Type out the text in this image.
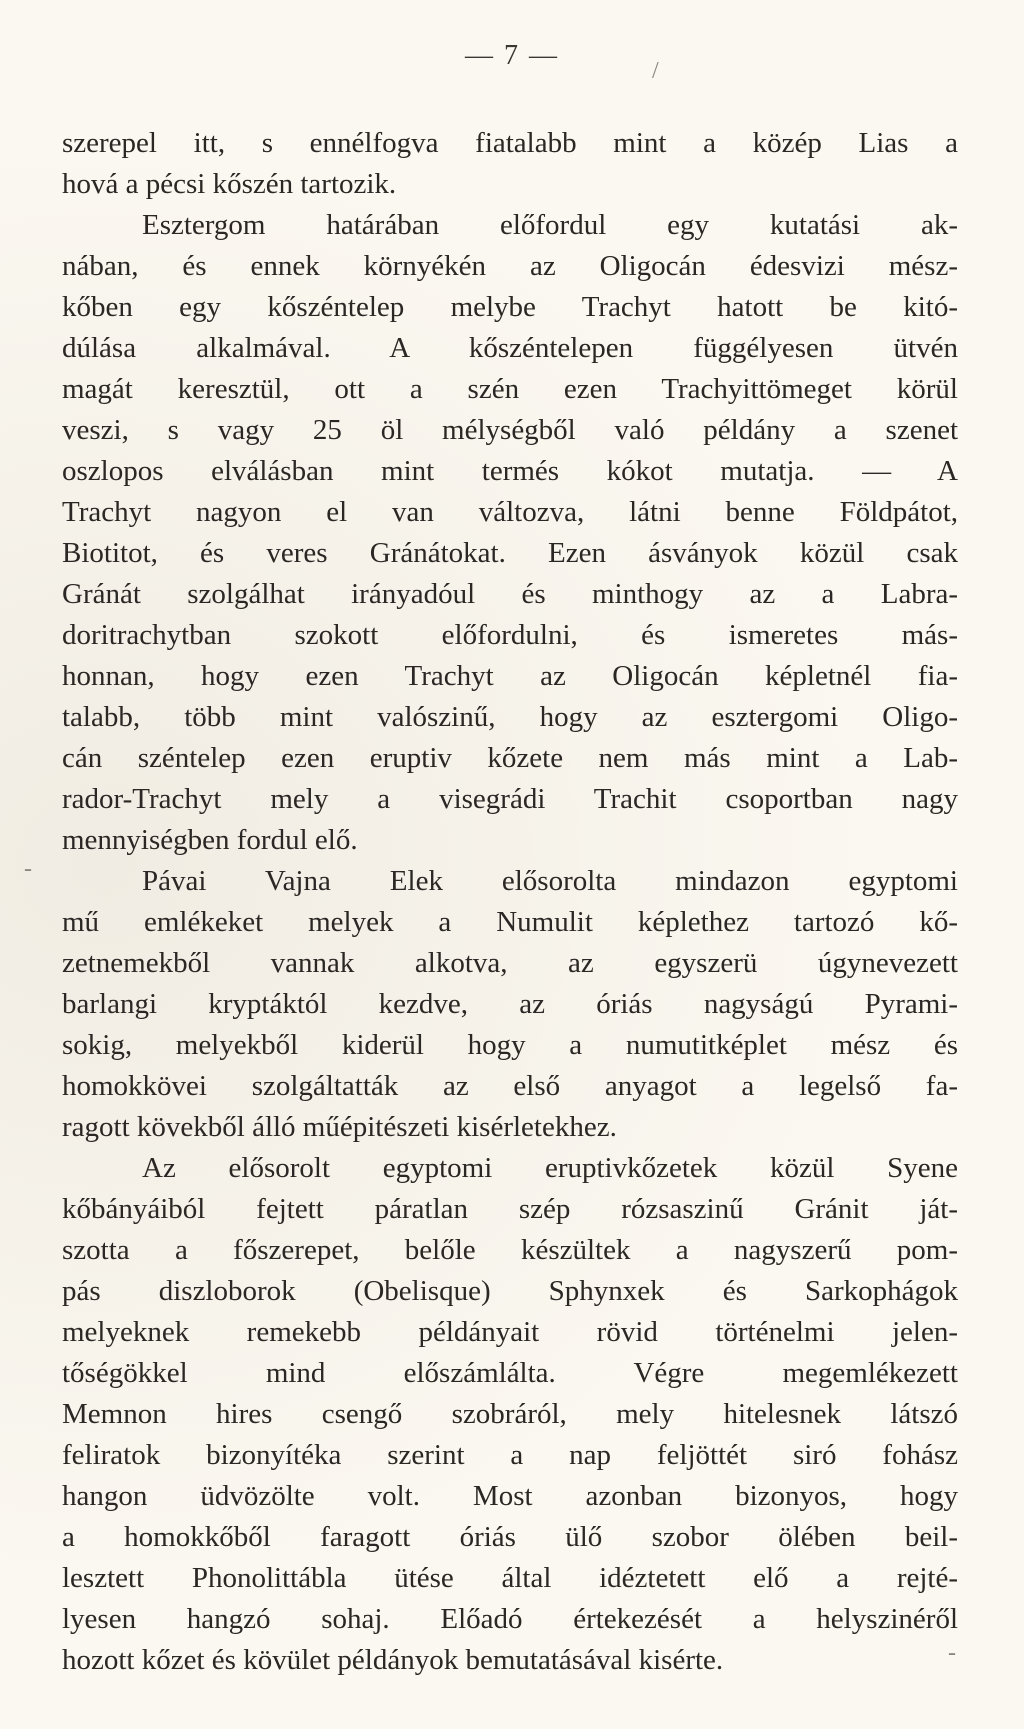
— 7 —	/
-
-
szerepel itt, s ennélfogva fiatalabb mint a közép Lias a
hová a pécsi kőszén tartozik.
Esztergom határában előfordul egy kutatási ak-
nában, és ennek környékén az Oligocán édesvizi mész-
kőben egy kőszéntelep melybe Trachyt hatott be kitó-
dúlása alkalmával. A kőszéntelepen függélyesen ütvén
magát keresztül, ott a szén ezen Trachyittömeget körül
veszi, s vagy 25 öl mélységből való példány a szenet
oszlopos elválásban mint termés kókot mutatja. — A
Trachyt nagyon el van változva, látni benne Földpátot,
Biotitot, és veres Gránátokat. Ezen ásványok közül csak
Gránát szolgálhat irányadóul és minthogy az a Labra-
doritrachytban szokott előfordulni, és ismeretes más-
honnan, hogy ezen Trachyt az Oligocán képletnél fia-
talabb, több mint valószinű, hogy az esztergomi Oligo-
cán széntelep ezen eruptiv kőzete nem más mint a Lab-
rador-Trachyt mely a visegrádi Trachit csoportban nagy
mennyiségben fordul elő.
Pávai Vajna Elek elősorolta mindazon egyptomi
mű emlékeket melyek a Numulit képlethez tartozó kő-
zetnemekből vannak alkotva, az egyszerü úgynevezett
barlangi kryptáktól kezdve, az óriás nagyságú Pyrami-
sokig, melyekből kiderül hogy a numutitképlet mész és
homokkövei szolgáltatták az első anyagot a legelső fa-
ragott kövekből álló műépitészeti kisérletekhez.
Az elősorolt egyptomi eruptivkőzetek közül Syene
kőbányáiból fejtett páratlan szép rózsaszinű Gránit ját-
szotta a főszerepet, belőle készültek a nagyszerű pom-
pás diszloborok (Obelisque) Sphynxek és Sarkophágok
melyeknek remekebb példányait rövid történelmi jelen-
tőségökkel mind előszámlálta. Végre megemlékezett
Memnon hires csengő szobráról, mely hitelesnek látszó
feliratok bizonyítéka szerint a nap feljöttét siró fohász
hangon üdvözölte volt. Most azonban bizonyos, hogy
a homokkőből faragott óriás ülő szobor ölében beil-
lesztett Phonolittábla ütése által idéztetett elő a rejté-
lyesen hangzó sohaj. Előadó értekezését a helyszinéről
hozott kőzet és kövület példányok bemutatásával kisérte.
